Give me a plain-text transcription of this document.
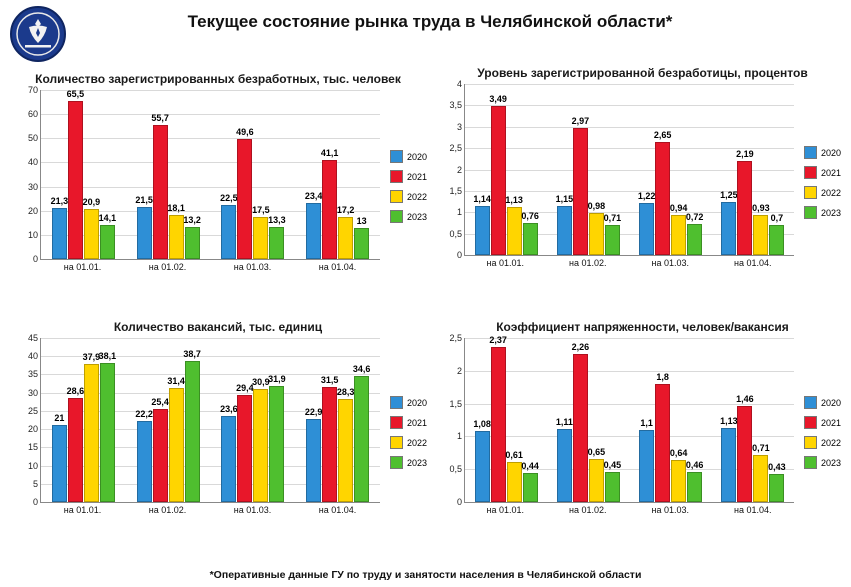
Текущее состояние рынка труда в Челябинской области*
Количество зарегистрированных безработных, тыс. человек
0
10
20
30
40
50
60
70
21,3
65,5
20,9
14,1
21,5
55,7
18,1
13,2
22,5
49,6
17,5
13,3
23,4
41,1
17,2
13
на 01.01.	на 01.02.	на 01.03.	на 01.04.
2020
2021
2022
2023
Уровень зарегистрированной безработицы, процентов
0
0,5
1
1,5
2
2,5
3
3,5
4
1,14
3,49
1,13
0,76
1,15
2,97
0,98
0,71
1,22
2,65
0,94
0,72
1,25
2,19
0,93
0,7
на 01.01.	на 01.02.	на 01.03.	на 01.04.
2020
2021
2022
2023
Количество вакансий, тыс. единиц
0
5
10
15
20
25
30
35
40
45
21
28,6
37,9
38,1
22,2
25,4
31,4
38,7
23,6
29,4
30,9
31,9
22,9
31,5
28,3
34,6
на 01.01.	на 01.02.	на 01.03.	на 01.04.
2020
2021
2022
2023
Коэффициент напряженности, человек/вакансия
0
0,5
1
1,5
2
2,5
1,08
2,37
0,61
0,44
1,11
2,26
0,65
0,45
1,1
1,8
0,64
0,46
1,13
1,46
0,71
0,43
на 01.01.	на 01.02.	на 01.03.	на 01.04.
2020
2021
2022
2023
*Оперативные данные ГУ по труду и занятости населения в Челябинской области
